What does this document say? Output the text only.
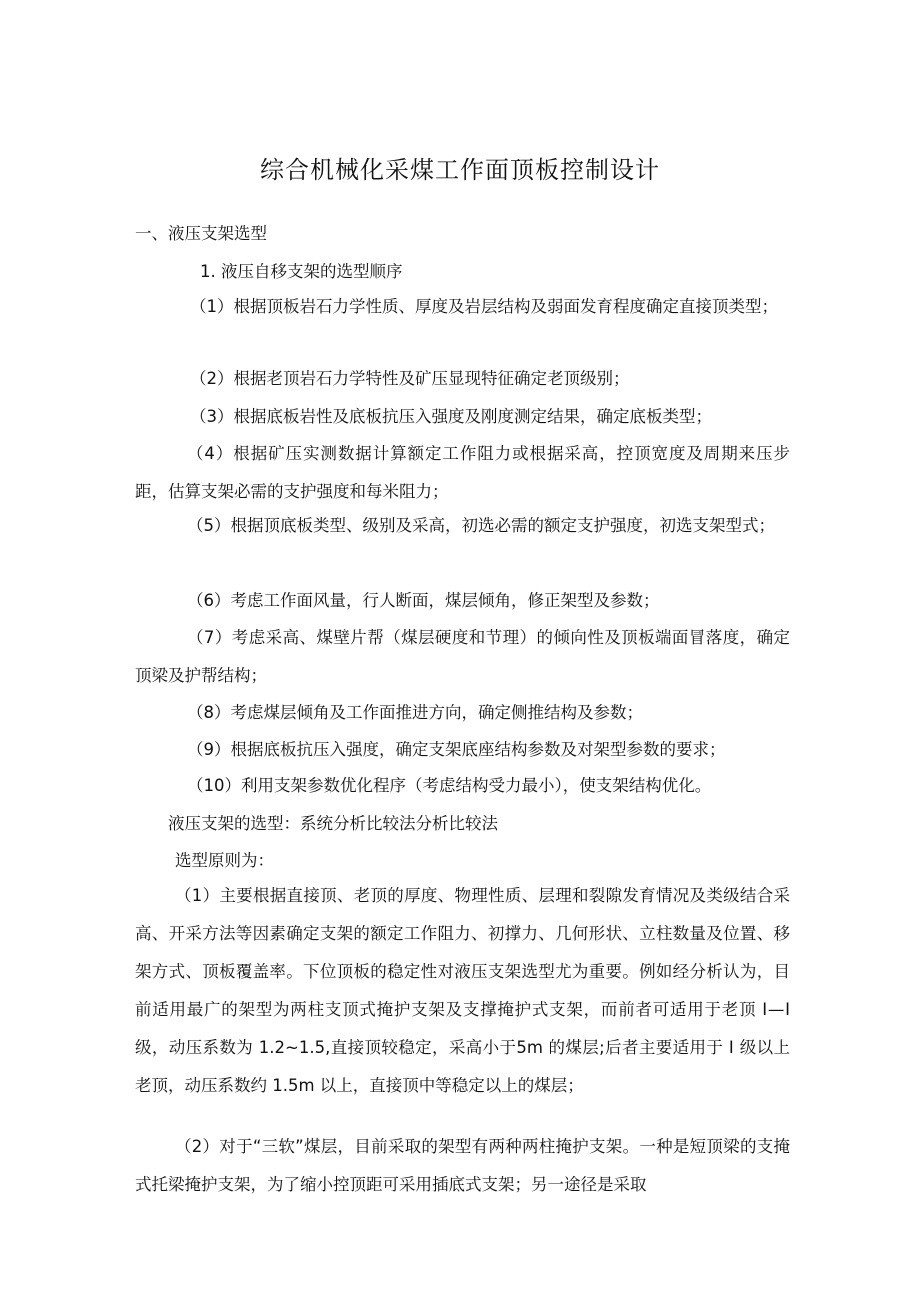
综合机械化采煤工作面顶板控制设计
一、液压支架选型
1. 液压自移支架的选型顺序

（1）根据顶板岩石力学性质、厚度及岩层结构及弱面发育程度确定直接顶类型；

（2）根据老顶岩石力学特性及矿压显现特征确定老顶级别；

（3）根据底板岩性及底板抗压入强度及刚度测定结果，确定底板类型；

（4）根据矿压实测数据计算额定工作阻力或根据采高，控顶宽度及周期来压步距，估算支架必需的支护强度和每米阻力；

（5）根据顶底板类型、级别及采高，初选必需的额定支护强度，初选支架型式；

（6）考虑工作面风量，行人断面，煤层倾角，修正架型及参数；

（7）考虑采高、煤壁片帮（煤层硬度和节理）的倾向性及顶板端面冒落度，确定顶梁及护帮结构；

（8）考虑煤层倾角及工作面推进方向，确定侧推结构及参数；

（9）根据底板抗压入强度，确定支架底座结构参数及对架型参数的要求；

（10）利用支架参数优化程序（考虑结构受力最小），使支架结构优化。

液压支架的选型：系统分析比较法分析比较法
选型原则为：

（1）主要根据直接顶、老顶的厚度、物理性质、层理和裂隙发育情况及类级结合采高、开采方法等因素确定支架的额定工作阻力、初撑力、几何形状、立柱数量及位置、移架方式、顶板覆盖率。下位顶板的稳定性对液压支架选型尤为重要。例如经分析认为，目前适用最广的架型为两柱支顶式掩护支架及支撑掩护式支架，而前者可适用于老顶 Ⅰ—Ⅰ 级，动压系数为 1.2~1.5,直接顶较稳定，采高小于5m 的煤层;后者主要适用于 Ⅰ 级以上老顶，动压系数约 1.5m 以上，直接顶中等稳定以上的煤层；

（2）对于“三软”煤层，目前采取的架型有两种两柱掩护支架。一种是短顶梁的支掩式托梁掩护支架，为了缩小控顶距可采用插底式支架；另一途径是采取
